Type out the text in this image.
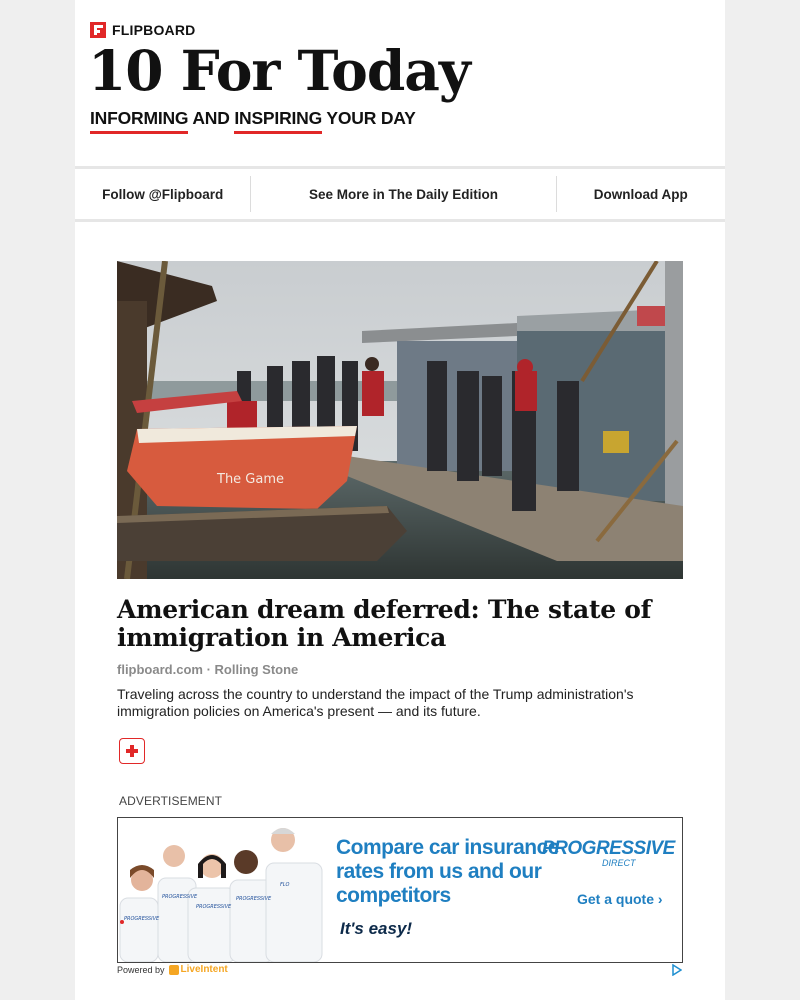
FLIPBOARD
10 For Today
INFORMING AND INSPIRING YOUR DAY
Follow @Flipboard	See More in The Daily Edition	Download App
The Game
American dream deferred: The state of immigration in America
flipboard.com · Rolling Stone
Traveling across the country to understand the impact of the Trump administration's immigration policies on America's present — and its future.
ADVERTISEMENT
PROGRESSIVE
PROGRESSIVE
PROGRESSIVE
PROGRESSIVE
FLO
Compare car insurance rates from us and our competitors
PROGRESSIVE
DIRECT
Get a quote ›
It's easy!
Powered by LiveIntent
